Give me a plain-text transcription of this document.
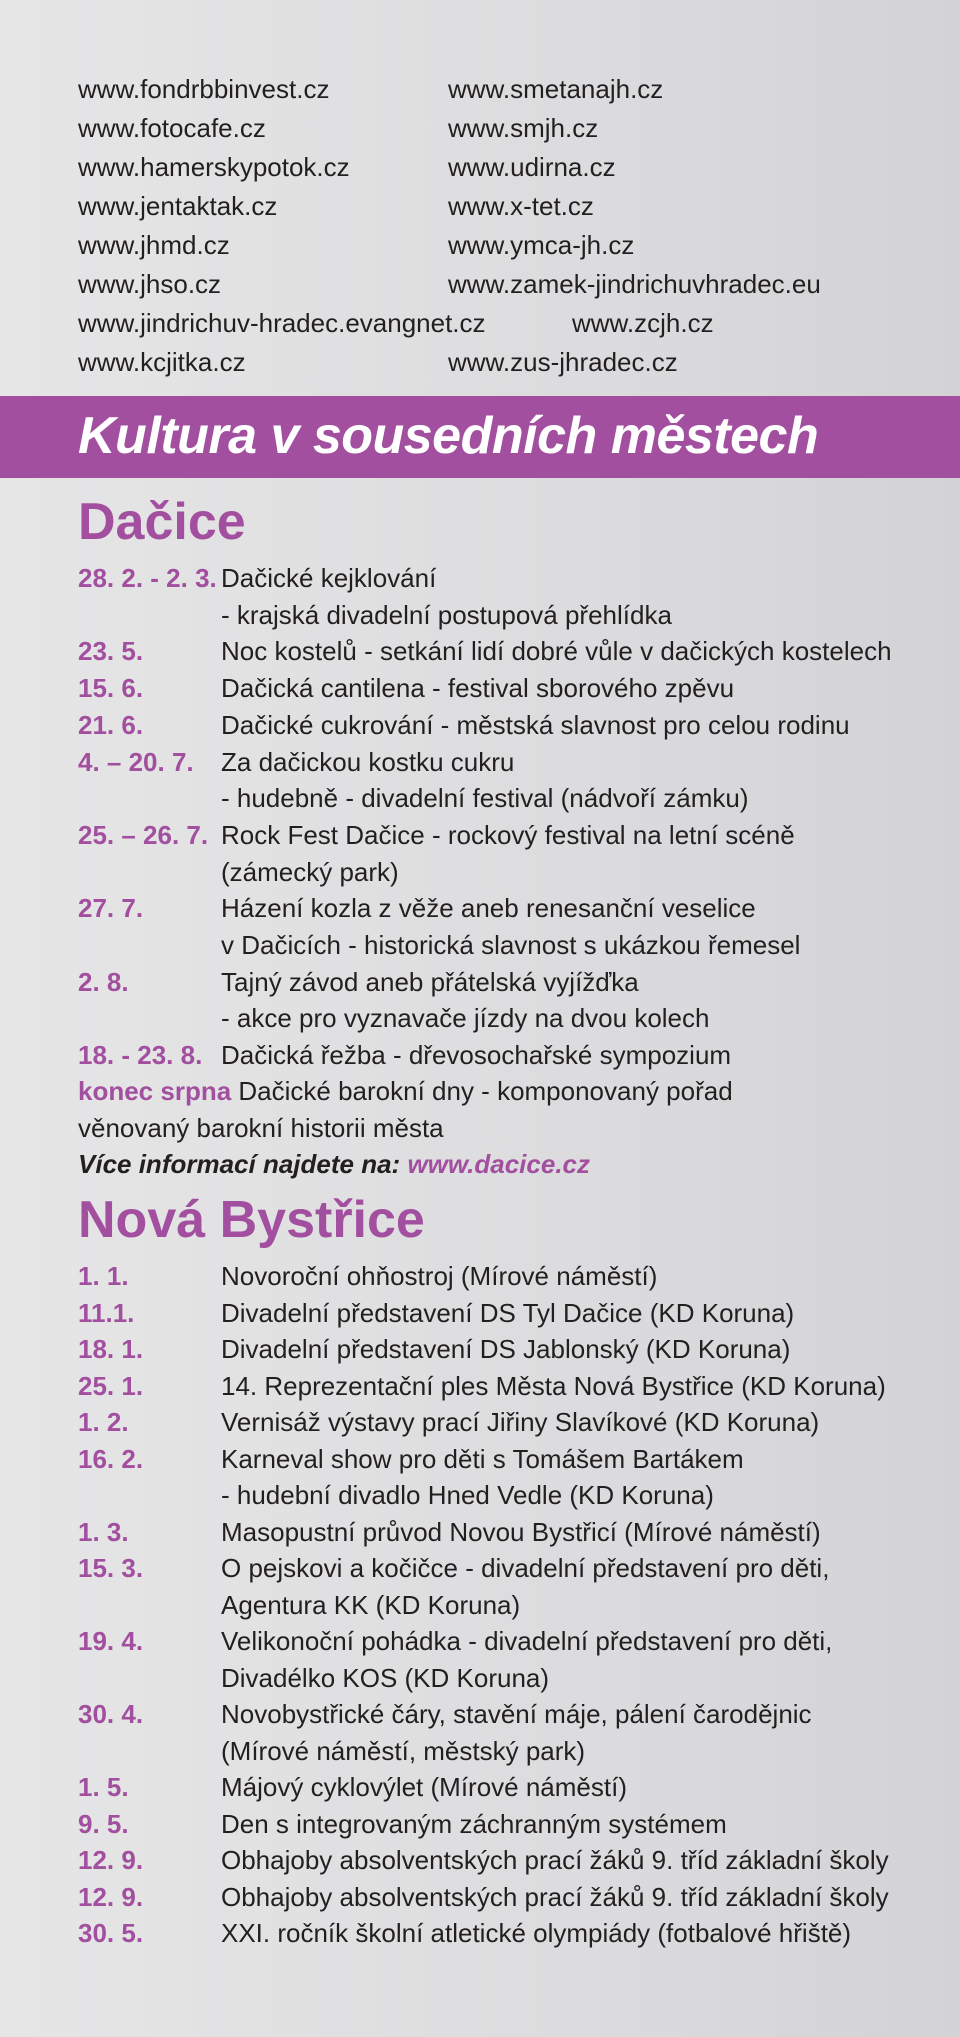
www.fondrbbinvest.cz	www.smetanajh.cz
www.fotocafe.cz	www.smjh.cz
www.hamerskypotok.cz	www.udirna.cz
www.jentaktak.cz	www.x-tet.cz
www.jhmd.cz	www.ymca-jh.cz
www.jhso.cz	www.zamek-jindrichuvhradec.eu
www.jindrichuv-hradec.evangnet.cz	www.zcjh.cz
www.kcjitka.cz	www.zus-jhradec.cz
Kultura v sousedních městech
Dačice
28. 2. - 2. 3. Dačické kejklování
- krajská divadelní postupová přehlídka
23. 5.	Noc kostelů - setkání lidí dobré vůle v dačických kostelech
15. 6.	Dačická cantilena - festival sborového zpěvu
21. 6.	Dačické cukrování - městská slavnost pro celou rodinu
4. – 20. 7.	Za dačickou kostku cukru
- hudebně - divadelní festival (nádvoří zámku)
25. – 26. 7. Rock Fest Dačice - rockový festival na letní scéně
(zámecký park)
27. 7.	Házení kozla z věže aneb renesanční veselice
v Dačicích - historická slavnost s ukázkou řemesel
2. 8.	Tajný závod aneb přátelská vyjížďka
- akce pro vyznavače jízdy na dvou kolech
18. - 23. 8. Dačická řežba - dřevosochařské sympozium
konec srpna Dačické barokní dny - komponovaný pořad
věnovaný barokní historii města
Více informací najdete na: www.dacice.cz
Nová Bystřice
1. 1.	Novoroční ohňostroj (Mírové náměstí)
11.1.	Divadelní představení DS Tyl Dačice (KD Koruna)
18. 1.	Divadelní představení DS Jablonský (KD Koruna)
25. 1.	14. Reprezentační ples Města Nová Bystřice (KD Koruna)
1. 2.	Vernisáž výstavy prací Jiřiny Slavíkové (KD Koruna)
16. 2.	Karneval show pro děti s Tomášem Bartákem
- hudební divadlo Hned Vedle (KD Koruna)
1. 3.	Masopustní průvod Novou Bystřicí (Mírové náměstí)
15. 3.	O pejskovi a kočičce - divadelní představení pro děti,
Agentura KK (KD Koruna)
19. 4.	Velikonoční pohádka - divadelní představení pro děti,
Divadélko KOS (KD Koruna)
30. 4.	Novobystřické čáry, stavění máje, pálení čarodějnic
(Mírové náměstí, městský park)
1. 5.	Májový cyklovýlet (Mírové náměstí)
9. 5.	Den s integrovaným záchranným systémem
12. 9.	Obhajoby absolventských prací žáků 9. tříd základní školy
12. 9.	Obhajoby absolventských prací žáků 9. tříd základní školy
30. 5.	XXI. ročník školní atletické olympiády (fotbalové hřiště)
